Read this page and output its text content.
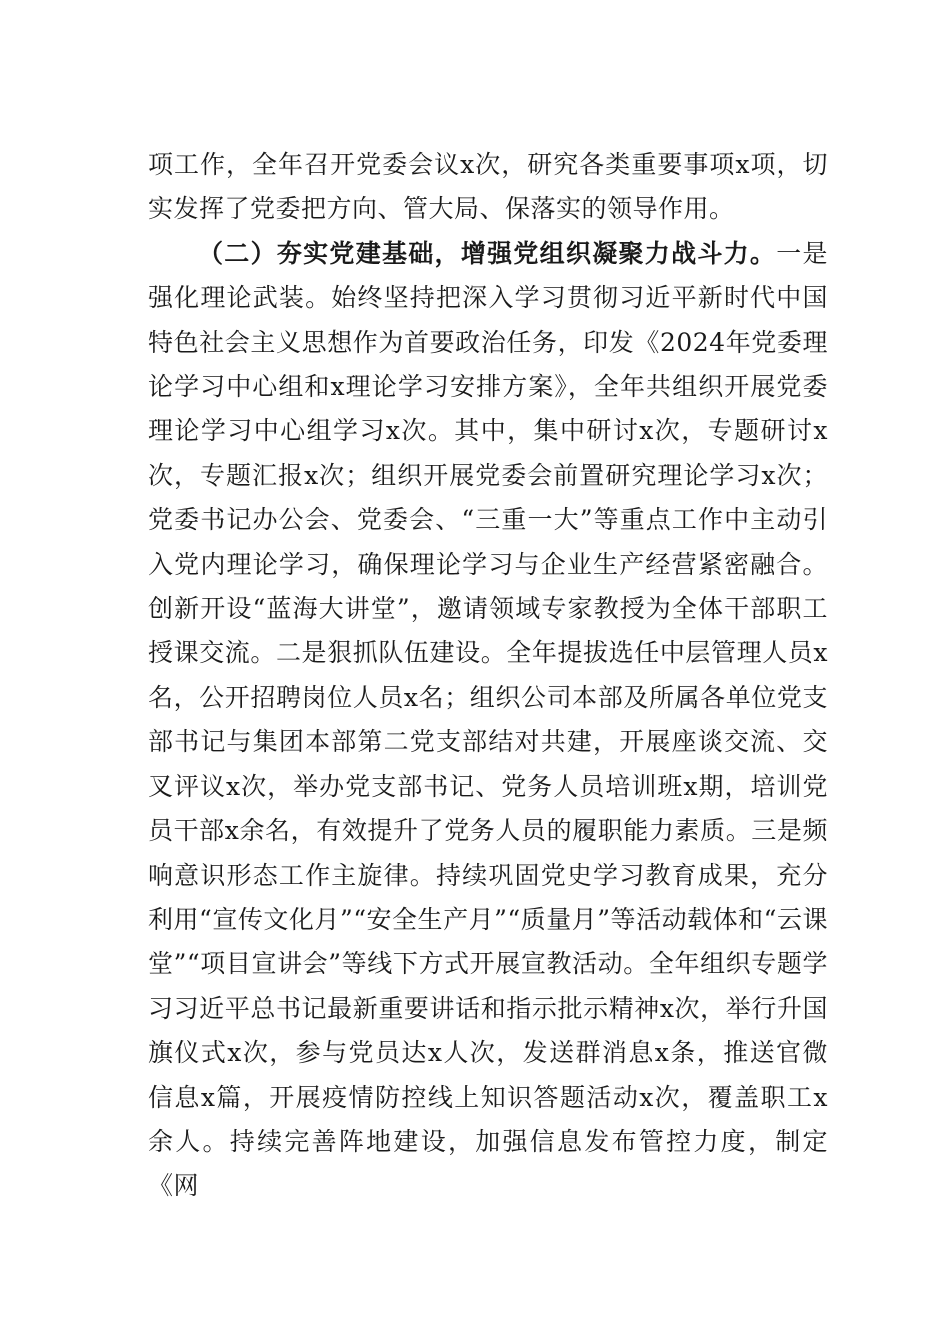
项工作，全年召开党委会议x次，研究各类重要事项x项，切实发挥了党委把方向、管大局、保落实的领导作用。

（二）夯实党建基础，增强党组织凝聚力战斗力。一是强化理论武装。始终坚持把深入学习贯彻习近平新时代中国特色社会主义思想作为首要政治任务，印发《2024年党委理论学习中心组和x理论学习安排方案》，全年共组织开展党委理论学习中心组学习x次。其中，集中研讨x次，专题研讨x次，专题汇报x次；组织开展党委会前置研究理论学习x次；党委书记办公会、党委会、“三重一大”等重点工作中主动引入党内理论学习，确保理论学习与企业生产经营紧密融合。创新开设“蓝海大讲堂”，邀请领域专家教授为全体干部职工授课交流。二是狠抓队伍建设。全年提拔选任中层管理人员x名，公开招聘岗位人员x名；组织公司本部及所属各单位党支部书记与集团本部第二党支部结对共建，开展座谈交流、交叉评议x次，举办党支部书记、党务人员培训班x期，培训党员干部x余名，有效提升了党务人员的履职能力素质。三是频响意识形态工作主旋律。持续巩固党史学习教育成果，充分利用“宣传文化月”“安全生产月”“质量月”等活动载体和“云课堂”“项目宣讲会”等线下方式开展宣教活动。全年组织专题学习习近平总书记最新重要讲话和指示批示精神x次，举行升国旗仪式x次，参与党员达x人次，发送群消息x条，推送官微信息x篇，开展疫情防控线上知识答题活动x次，覆盖职工x余人。持续完善阵地建设，加强信息发布管控力度，制定《网
